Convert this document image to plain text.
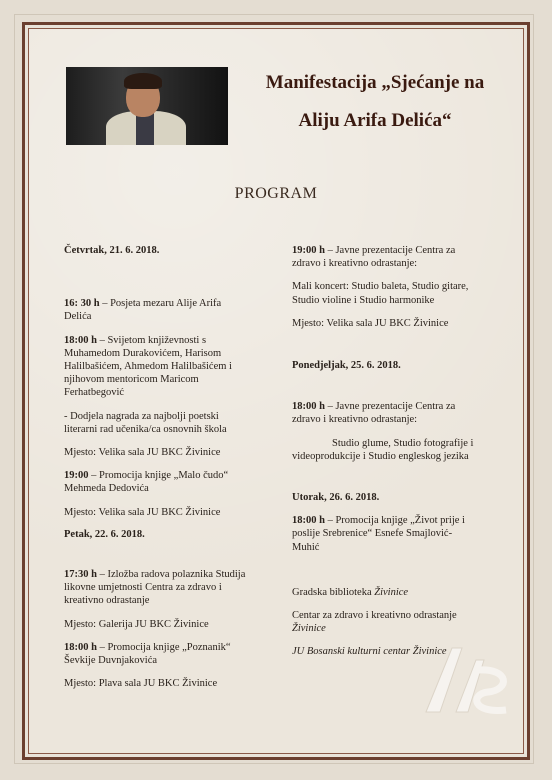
Manifestacija „Sjećanje na
Aliju Arifa Delića“
PROGRAM

Četvrtak, 21. 6. 2018.

16: 30 h – Posjeta mezaru Alije Arifa

Delića

18:00 h – Svijetom književnosti s

Muhamedom Durakovićem, Harisom

Halilbašićem, Ahmedom Halilbašićem i

njihovom mentoricom Maricom

Ferhatbegović

- Dodjela nagrada za najbolji poetski

literarni rad učenika/ca osnovnih škola

Mjesto: Velika sala JU BKC Živinice

19:00 – Promocija knjige „Malo čudo“

Mehmeda Dedovića

Mjesto: Velika sala JU BKC Živinice

Petak, 22. 6. 2018.

17:30 h – Izložba radova polaznika Studija

likovne umjetnosti Centra za zdravo i

kreativno odrastanje

Mjesto: Galerija JU BKC Živinice

18:00 h – Promocija knjige „Poznanik“

Ševkije Duvnjakovića

Mjesto: Plava sala JU BKC Živinice

19:00 h – Javne prezentacije Centra za

zdravo i kreativno odrastanje:

Mali koncert: Studio baleta, Studio gitare,

Studio violine i Studio harmonike

Mjesto: Velika sala JU BKC Živinice

Ponedjeljak, 25. 6. 2018.

18:00 h – Javne prezentacije Centra za

zdravo i kreativno odrastanje:

Studio glume, Studio fotografije i

videoprodukcije i Studio engleskog jezika

Utorak, 26. 6. 2018.

18:00 h – Promocija knjige „Život prije i

poslije Srebrenice“ Esnefe Smajlović-

Muhić

Gradska biblioteka Živinice

Centar za zdravo i kreativno odrastanje

Živinice

JU Bosanski kulturni centar Živinice
